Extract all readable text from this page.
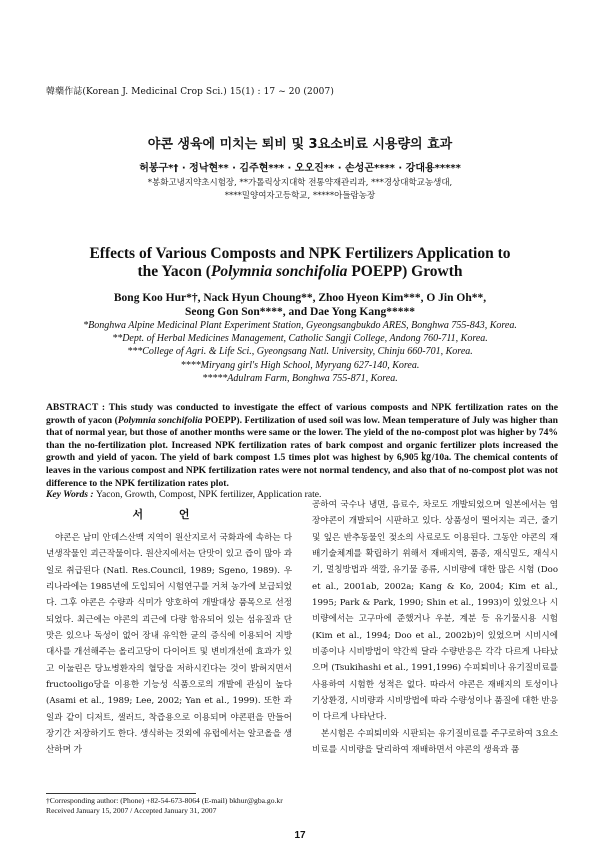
韓藥作誌(Korean J. Medicinal Crop Sci.) 15(1) : 17 ~ 20 (2007)
야콘 생육에 미치는 퇴비 및 3요소비료 시용량의 효과
허봉구*† · 정낙현** · 김주현*** · 오오진** · 손성곤**** · 강대용*****
*봉화고냉지약초시험장, **가톨릭상지대학 전통약재관리과, ***경상대학교농생대,
****밀양여자고등학교, *****아들람농장
Effects of Various Composts and NPK Fertilizers Application to
the Yacon (Polymnia sonchifolia POEPP) Growth
Bong Koo Hur*†, Nack Hyun Choung**, Zhoo Hyeon Kim***, O Jin Oh**,
Seong Gon Son****, and Dae Yong Kang*****
*Bonghwa Alpine Medicinal Plant Experiment Station, Gyeongsangbukdo ARES, Bonghwa 755-843, Korea.
**Dept. of Herbal Medicines Management, Catholic Sangji College, Andong 760-711, Korea.
***College of Agri. & Life Sci., Gyeongsang Natl. University, Chinju 660-701, Korea.
****Miryang girl's High School, Myryang 627-140, Korea.
*****Adulram Farm, Bonghwa 755-871, Korea.
ABSTRACT : This study was conducted to investigate the effect of various composts and NPK fertilization rates on the growth of yacon (Polymnia sonchifolia POEPP). Fertilization of used soil was low. Mean temperature of July was higher than that of normal year, but those of another months were same or the lower. The yield of the no-compost plot was higher by 74% than the no-fertilization plot. Increased NPK fertilization rates of bark compost and organic fertilizer plots increased the growth and yield of yacon. The yield of bark compost 1.5 times plot was highest by 6,905 ㎏/10a. The chemical contents of leaves in the various compost and NPK fertilization rates were not normal tendency, and also that of no-compost plot was not difference to the NPK fertilization rates plot.
Key Words : Yacon, Growth, Compost, NPK fertilizer, Application rate.
서 언

야콘은 남미 안데스산맥 지역이 원산지로서 국화과에 속하는 다년생작물인 괴근작물이다. 원산지에서는 단맛이 있고 즙이 많아 과일로 취급된다 (Natl. Res.Council, 1989; Sgeno, 1989). 우리나라에는 1985년에 도입되어 시험연구를 거쳐 농가에 보급되었다. 그후 야콘은 수량과 식미가 양호하여 개발대상 품목으로 선정되었다. 최근에는 야콘의 괴근에 다량 함유되어 있는 섬유질과 단맛은 있으나 독성이 없어 장내 유익한 균의 증식에 이용되어 지방대사를 개선해주는 올리고당이 다이어트 및 변비개선에 효과가 있고 이눌린은 당뇨병환자의 혈당을 저하시킨다는 것이 밝혀지면서 fructooligo당을 이용한 기능성 식품으로의 개발에 관심이 높다 (Asami et al., 1989; Lee, 2002; Yan et al., 1999). 또한 과일과 같이 디저트, 샐러드, 착즙용으로 이용되며 야콘편을 만들어 장기간 저장하기도 한다. 생식하는 것외에 유럽에서는 알코올을 생산하며 가

공하여 국수나 냉면, 음료수, 차로도 개발되었으며 일본에서는 염장야콘이 개발되어 시판하고 있다. 상품성이 떨어지는 괴근, 줄기 및 잎은 반추동물인 젖소의 사료로도 이용된다. 그동안 야콘의 재배기술체계를 확립하기 위해서 재배지역, 품종, 재식밀도, 재식시기, 멀칭방법과 색깔, 유기물 종류, 시비량에 대한 많은 시험 (Doo et al., 2001ab, 2002a; Kang & Ko, 2004; Kim et al., 1995; Park & Park, 1990; Shin et al., 1993)이 있었으나 시비량에서는 고구마에 준했거나 우분, 계분 등 유기물시용 시험 (Kim et al., 1994; Doo et al., 2002b)이 있었으며 시비시에 비종이나 시비방법이 약간씩 달라 수량반응은 각각 다르게 나타났으며 (Tsukihashi et al., 1991,1996) 수피퇴비나 유기질비료를 사용하여 시험한 성적은 없다. 따라서 야콘은 재배지의 토성이나 기상환경, 시비량과 시비방법에 따라 수량성이나 품질에 대한 반응이 다르게 나타난다.

본시험은 수피퇴비와 시판되는 유기질비료를 주구로하여 3요소 비료를 시비량을 달리하여 재배하면서 야콘의 생육과 품

†Corresponding author: (Phone) +82-54-673-8064 (E-mail) bkhur@gba.go.kr
Received January 15, 2007 / Accepted January 31, 2007
17
